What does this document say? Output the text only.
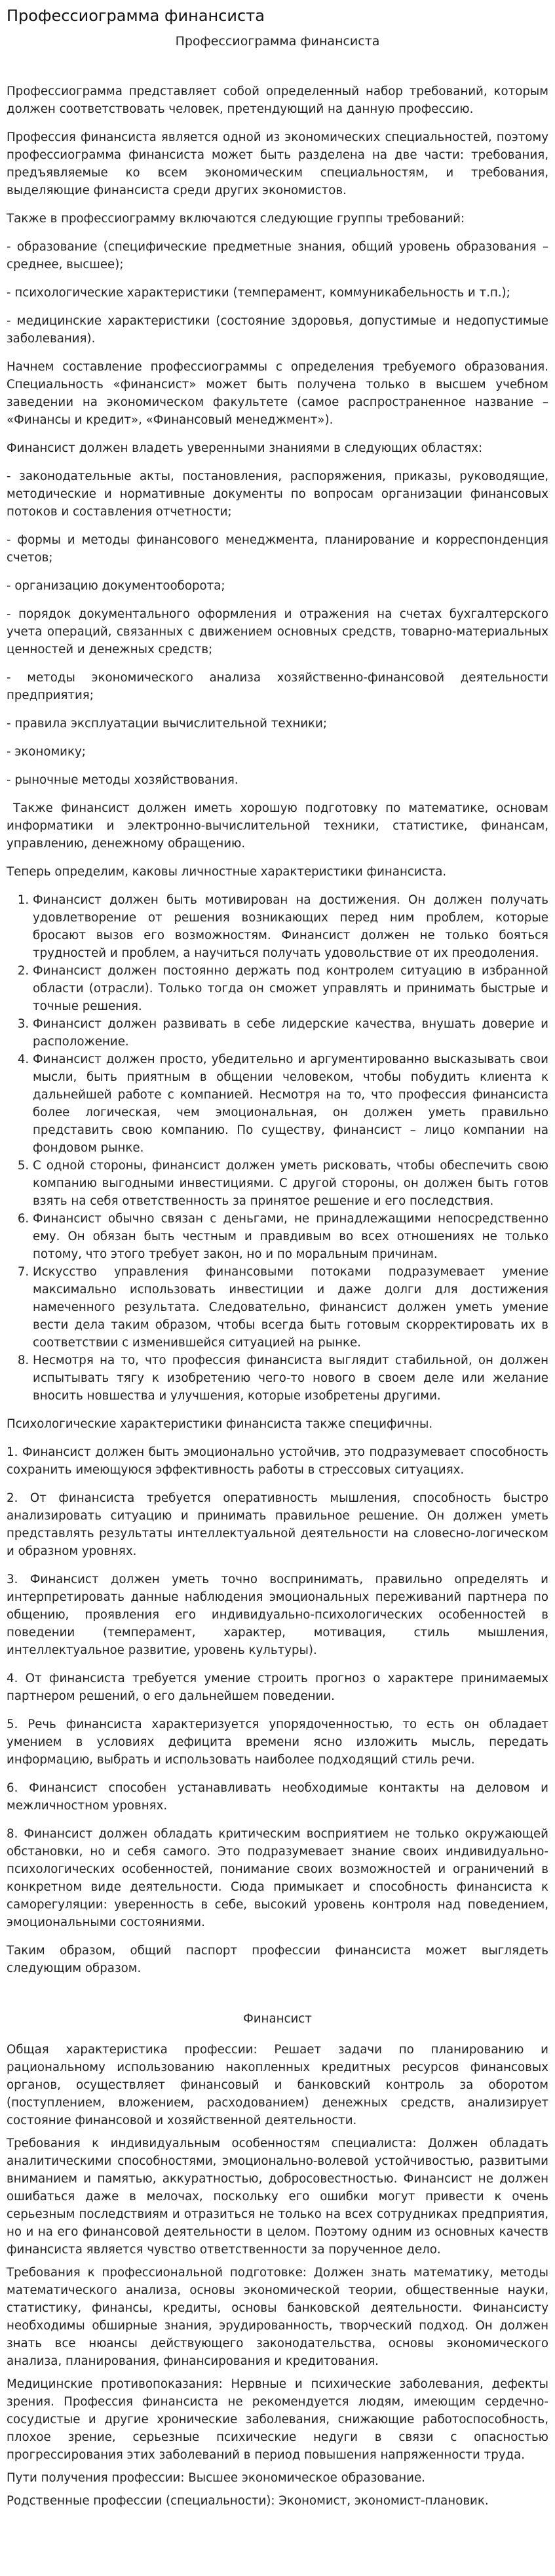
Профессиограмма финансиста
Профессиограмма финансиста

Профессиограмма представляет собой определенный набор требований, которым должен соответствовать человек, претендующий на данную профессию.

Профессия финансиста является одной из экономических специальностей, поэтому профессиограмма финансиста может быть разделена на две части: требования, предъявляемые ко всем экономическим специальностям, и требования, выделяющие финансиста среди других экономистов.

Также в профессиограмму включаются следующие группы требований:

- образование (специфические предметные знания, общий уровень образования – среднее, высшее);

- психологические характеристики (темперамент, коммуникабельность и т.п.);

- медицинские характеристики (состояние здоровья, допустимые и недопустимые заболевания).

Начнем составление профессиограммы с определения требуемого образования. Специальность «финансист» может быть получена только в высшем учебном заведении на экономическом факультете (самое распространенное название – «Финансы и кредит», «Финансовый менеджмент»).

Финансист должен владеть уверенными знаниями в следующих областях:

- законодательные акты, постановления, распоряжения, приказы, руководящие, методические и нормативные документы по вопросам организации финансовых потоков и составления отчетности;

- формы и методы финансового менеджмента, планирование и корреспонденция счетов;

- организацию документооборота;

- порядок документального оформления и отражения на счетах бухгалтерского учета операций, связанных с движением основных средств, товарно-материальных ценностей и денежных средств;

- методы экономического анализа хозяйственно-финансовой деятельности предприятия;

- правила эксплуатации вычислительной техники;

- экономику;

- рыночные методы хозяйствования.

Также финансист должен иметь хорошую подготовку по математике, основам информатики и электронно-вычислительной техники, статистике, финансам, управлению, денежному обращению.

Теперь определим, каковы личностные характеристики финансиста.

1. Финансист должен быть мотивирован на достижения. Он должен получать удовлетворение от решения возникающих перед ним проблем, которые бросают вызов его возможностям. Финансист должен не только бояться трудностей и проблем, а научиться получать удовольствие от их преодоления.
2. Финансист должен постоянно держать под контролем ситуацию в избранной области (отрасли). Только тогда он сможет управлять и принимать быстрые и точные решения.
3. Финансист должен развивать в себе лидерские качества, внушать доверие и расположение.
4. Финансист должен просто, убедительно и аргументированно высказывать свои мысли, быть приятным в общении человеком, чтобы побудить клиента к дальнейшей работе с компанией. Несмотря на то, что профессия финансиста более логическая, чем эмоциональная, он должен уметь правильно представить свою компанию. По существу, финансист – лицо компании на фондовом рынке.
5. С одной стороны, финансист должен уметь рисковать, чтобы обеспечить свою компанию выгодными инвестициями. С другой стороны, он должен быть готов взять на себя ответственность за принятое решение и его последствия.
6. Финансист обычно связан с деньгами, не принадлежащими непосредственно ему. Он обязан быть честным и правдивым во всех отношениях не только потому, что этого требует закон, но и по моральным причинам.
7. Искусство управления финансовыми потоками подразумевает умение максимально использовать инвестиции и даже долги для достижения намеченного результата. Следовательно, финансист должен уметь умение вести дела таким образом, чтобы всегда быть готовым скорректировать их в соответствии с изменившейся ситуацией на рынке.
8. Несмотря на то, что профессия финансиста выглядит стабильной, он должен испытывать тягу к изобретению чего-то нового в своем деле или желание вносить новшества и улучшения, которые изобретены другими.

Психологические характеристики финансиста также специфичны.

1. Финансист должен быть эмоционально устойчив, это подразумевает способность сохранить имеющуюся эффективность работы в стрессовых ситуациях.

2. От финансиста требуется оперативность мышления, способность быстро анализировать ситуацию и принимать правильное решение. Он должен уметь представлять результаты интеллектуальной деятельности на словесно-логическом и образном уровнях.

3. Финансист должен уметь точно воспринимать, правильно определять и интерпретировать данные наблюдения эмоциональных переживаний партнера по общению, проявления его индивидуально-психологических особенностей в поведении (темперамент, характер, мотивация, стиль мышления, интеллектуальное развитие, уровень культуры).

4. От финансиста требуется умение строить прогноз о характере принимаемых партнером решений, о его дальнейшем поведении.

5. Речь финансиста характеризуется упорядоченностью, то есть он обладает умением в условиях дефицита времени ясно изложить мысль, передать информацию, выбрать и использовать наиболее подходящий стиль речи.

6. Финансист способен устанавливать необходимые контакты на деловом и межличностном уровнях.

8. Финансист должен обладать критическим восприятием не только окружающей обстановки, но и себя самого. Это подразумевает знание своих индивидуально-психологических особенностей, понимание своих возможностей и ограничений в конкретном виде деятельности. Сюда примыкает и способность финансиста к саморегуляции: уверенность в себе, высокий уровень контроля над поведением, эмоциональными состояниями.

Таким образом, общий паспорт профессии финансиста может выглядеть следующим образом.

Финансист

Общая характеристика профессии: Решает задачи по планированию и рациональному использованию накопленных кредитных ресурсов финансовых органов, осуществляет финансовый и банковский контроль за оборотом (поступлением, вложением, расходованием) денежных средств, анализирует состояние финансовой и хозяйственной деятельности.

Требования к индивидуальным особенностям специалиста: Должен обладать аналитическими способностями, эмоционально-волевой устойчивостью, развитыми вниманием и памятью, аккуратностью, добросовестностью. Финансист не должен ошибаться даже в мелочах, поскольку его ошибки могут привести к очень серьезным последствиям и отразиться не только на всех сотрудниках предприятия, но и на его финансовой деятельности в целом. Поэтому одним из основных качеств финансиста является чувство ответственности за порученное дело.

Требования к профессиональной подготовке: Должен знать математику, методы математического анализа, основы экономической теории, общественные науки, статистику, финансы, кредиты, основы банковской деятельности. Финансисту необходимы обширные знания, эрудированность, творческий подход. Он должен знать все нюансы действующего законодательства, основы экономического анализа, планирования, финансирования и кредитования.

Медицинские противопоказания: Нервные и психические заболевания, дефекты зрения. Профессия финансиста не рекомендуется людям, имеющим сердечно-сосудистые и другие хронические заболевания, снижающие работоспособность, плохое зрение, серьезные психические недуги в связи с опасностью прогрессирования этих заболеваний в период повышения напряженности труда.

Пути получения профессии: Высшее экономическое образование.

Родственные профессии (специальности): Экономист, экономист-плановик.
